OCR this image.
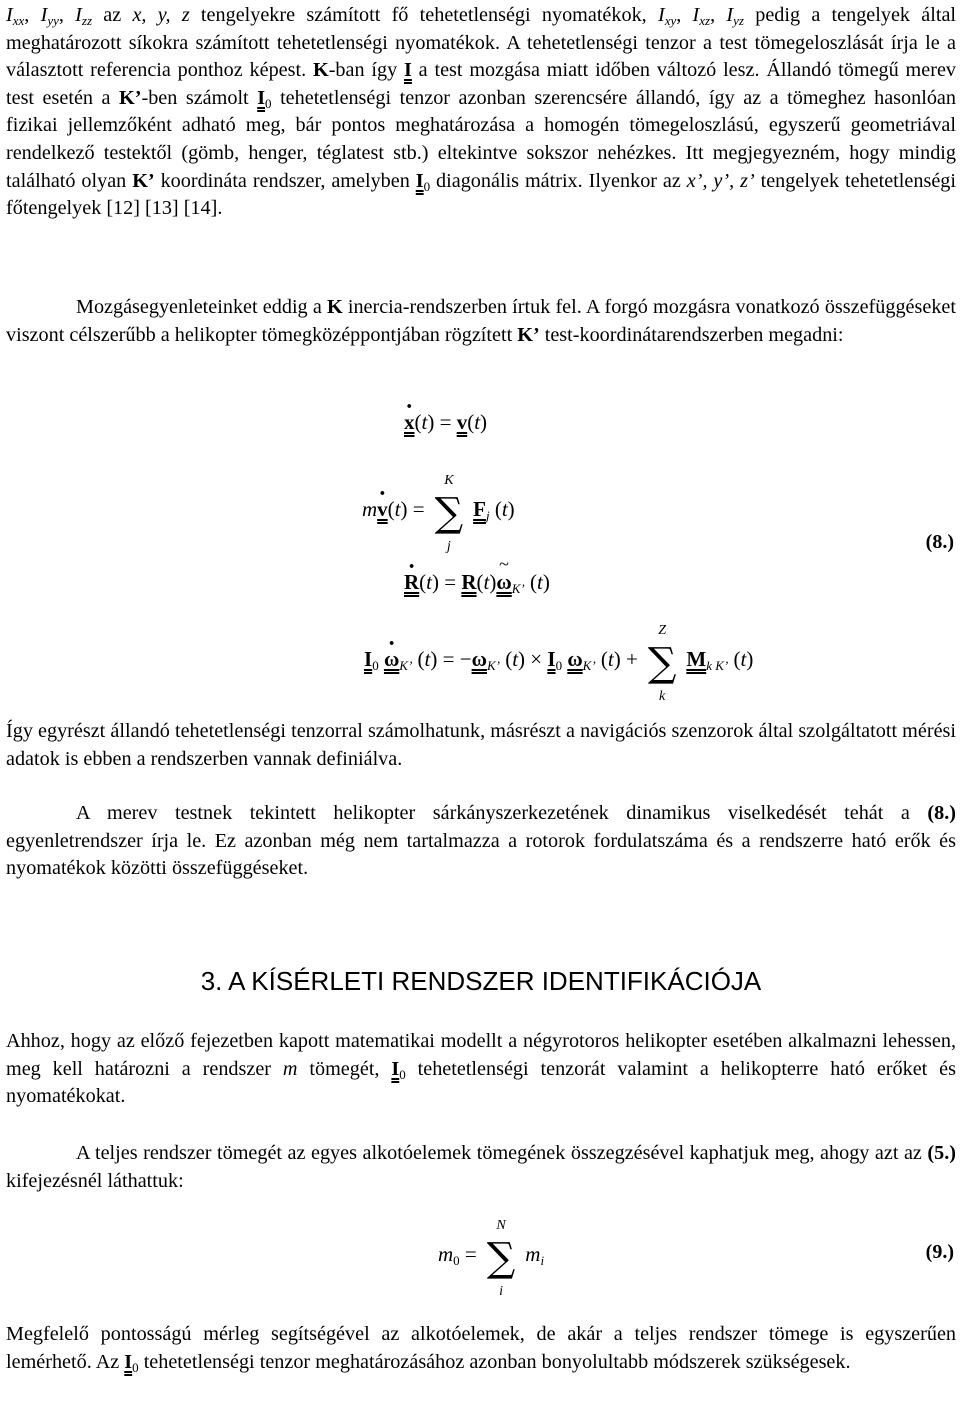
$I_{xx}$, $I_{yy}$, $I_{zz}$ az x, y, z tengelyekre számított fő tehetetlenségi nyomatékok, $I_{xy}$, $I_{xz}$, $I_{yz}$ pedig a tengelyek által meghatározott síkokra számított tehetetlenségi nyomatékok. A tehetetlenségi tenzor a test tömegeloszlását írja le a választott referencia ponthoz képest. K-ban így I a test mozgása miatt időben változó lesz. Állandó tömegű merev test esetén a K’-ben számolt $I_0$ tehetetlenségi tenzor azonban szerencsére állandó, így az a tömeghez hasonlóan fizikai jellemzőként adható meg, bár pontos meghatározása a homogén tömegeloszlású, egyszerű geometriával rendelkező testektől (gömb, henger, téglatest stb.) eltekintve sokszor nehézkes. Itt megjegyezném, hogy mindig található olyan K’ koordináta rendszer, amelyben $I_0$ diagonális mátrix. Ilyenkor az x’, y’, z’ tengelyek tehetetlenségi főtengelyek [12] [13] [14].

Mozgásegyenleteinket eddig a K inercia-rendszerben írtuk fel. A forgó mozgásra vonatkozó összefüggéseket viszont célszerűbb a helikopter tömegközéppontjában rögzített K’ test-koordinátarendszerben megadni:

x ·(t) = v(t)
mv ·(t) =
K
∑
j
$F_j$ (t)
R ·(t) = R(t)ω $\sim_{K’}$ (t)
$I_0$ $\omega \cdot_{K’}$ $(t) = -\omega_{K’}$ $(t) \times I_0$ $\omega_{K’}$ (t) +
Z
∑
k
$M_{k K’}$ (t)
(8.)

Így egyrészt állandó tehetetlenségi tenzorral számolhatunk, másrészt a navigációs szenzorok által szolgáltatott mérési adatok is ebben a rendszerben vannak definiálva.

A merev testnek tekintett helikopter sárkányszerkezetének dinamikus viselkedését tehát a (8.) egyenletrendszer írja le. Ez azonban még nem tartalmazza a rotorok fordulatszáma és a rendszerre ható erők és nyomatékok közötti összefüggéseket.

3. A KÍSÉRLETI RENDSZER IDENTIFIKÁCIÓJA

Ahhoz, hogy az előző fejezetben kapott matematikai modellt a négyrotoros helikopter esetében alkalmazni lehessen, meg kell határozni a rendszer m tömegét, $I_0$ tehetetlenségi tenzorát valamint a helikopterre ható erőket és nyomatékokat.

A teljes rendszer tömegét az egyes alkotóelemek tömegének összegzésével kaphatjuk meg, ahogy azt az (5.) kifejezésnél láthattuk:

$m_0$ =
N
∑
i
$m_i$	(9.)

Megfelelő pontosságú mérleg segítségével az alkotóelemek, de akár a teljes rendszer tömege is egyszerűen lemérhető. Az $I_0$ tehetetlenségi tenzor meghatározásához azonban bonyolultabb módszerek szükségesek.
